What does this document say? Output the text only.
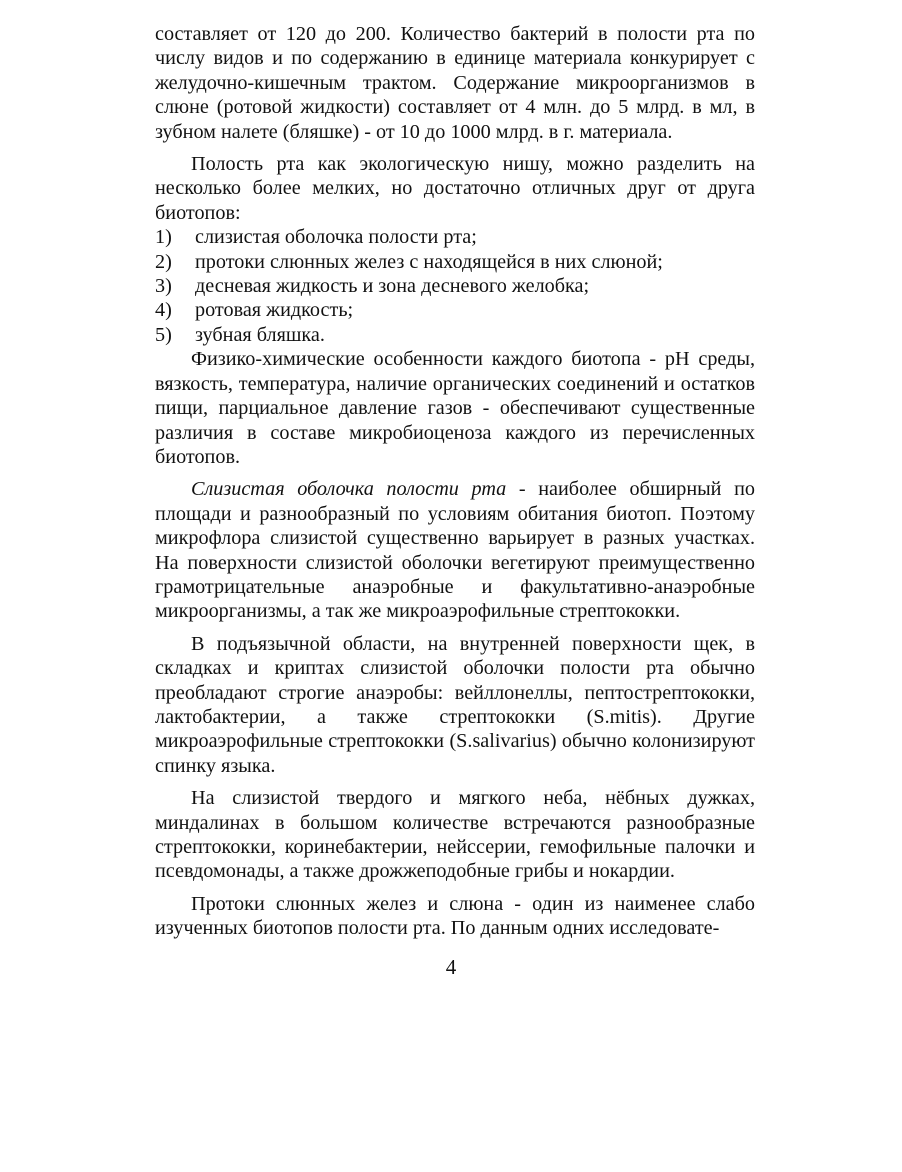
составляет от 120 до 200. Количество бактерий в полости рта по числу видов и по содержанию в единице материала конкурирует с желудочно-кишечным трактом. Содержание микроорганизмов в слюне (ротовой жидкости) составляет от 4 млн. до 5 млрд. в мл, в зубном налете (бляшке) - от 10 до 1000 млрд. в г. материала.

Полость рта как экологическую нишу, можно разделить на несколько более мелких, но достаточно отличных друг от друга биотопов:

1)	слизистая оболочка полости рта;
2)	протоки слюнных желез с находящейся в них слюной;
3)	десневая жидкость и зона десневого желобка;
4)	ротовая жидкость;
5)	зубная бляшка.

Физико-химические особенности каждого биотопа - рН среды, вязкость, температура, наличие органических соединений и остатков пищи, парциальное давление газов - обеспечивают существенные различия в составе микробиоценоза каждого из перечисленных биотопов.

Слизистая оболочка полости рта - наиболее обширный по площади и разнообразный по условиям обитания биотоп. Поэтому микрофлора слизистой существенно варьирует в разных участках. На поверхности слизистой оболочки вегетируют преимущественно грамотрицательные анаэробные и факультативно-анаэробные микроорганизмы, а так же микроаэрофильные стрептококки.

В подъязычной области, на внутренней поверхности щек, в складках и криптах слизистой оболочки полости рта обычно преобладают строгие анаэробы: вейллонеллы, пептострептококки, лактобактерии, а также стрептококки (S.mitis). Другие микроаэрофильные стрептококки (S.salivarius) обычно колонизируют спинку языка.

На слизистой твердого и мягкого неба, нёбных дужках, миндалинах в большом количестве встречаются разнообразные стрептококки, коринебактерии, нейссерии, гемофильные палочки и псевдомонады, а также дрожжеподобные грибы и нокардии.

Протоки слюнных желез и слюна - один из наименее слабо изученных биотопов полости рта. По данным одних исследовате-

4
